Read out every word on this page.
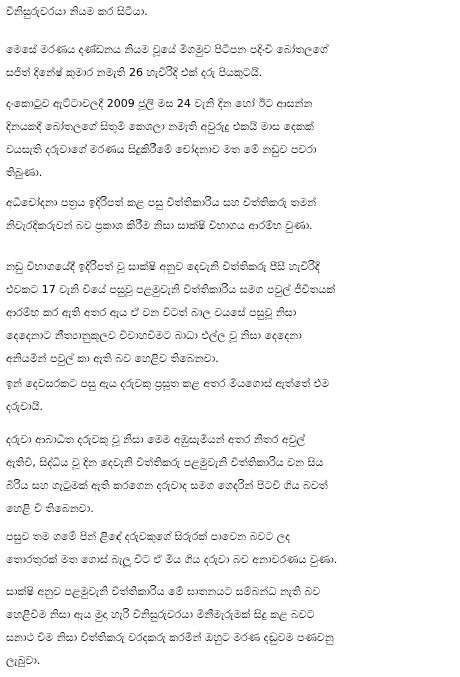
විනිසුරුවරයා නියම කර සිටියා.
මෙසේ මරණය දණ්ඩනය නියම වූයේ මීගමුව පිටිපන පදිංචි බෝතලගේ
සජිත් දිනේෂ් කුමාර නමැති 26 හැවිරිදි එක් දරු පියකුටයි.
දංකොටුව ඇට්ටාවලදී 2009 ජූලි මස 24 වැනි දින හෝ ඊට ආසන්න
දිනයකදී බෝතලගේ සිතුමි කෙශලා නමැති අවුරුදු එකයි මාස දෙකක්
වයසැති දරුවාගේ මරණය සිදුකිරීමේ චෝදනාව මත මේ නඩුව පවරා
තිබුණා.
අධිචෝදනා පත්‍රය ඉදිරිපත් කළ පසු විත්තිකාරිය සහ විත්තිකරු තමන්
නිවැරදිකරුවන් බව ප්‍රකාශ කිරීම නිසා සාක්ෂි විභාගය ආරම්භ වුණා.
නඩු විභාගයේදී ඉදිරිපත් වූ සාක්ෂි අනුව දෙවැනි විත්තිකරු පීසී හැවිරිදි
එවකට 17 වැනි වියේ පසුවූ පළමුවැනි විත්තිකාරිය සමග පවුල් ජීවිතයක්
ආරම්භ කර ඇති අතර ඇය ඒ වන විටත් බාල වයසේ පසුවූ නිසා
දෙදෙනාට නීත්‍යානුකූලව විවාහවීමට බාධා එල්ල වූ නිසා දෙදෙනා
අනියමින් පවුල් කා ඇති බව හෙළිව තිබෙනවා.
ඉන් දෙවසරකට පසු ඇය දරුවකු ප්‍රසූත කළ අතර මියගොස් ඇත්තේ එම
දරුවායි.
දරුවා ආබාධිත දරුවකු වූ නිසා මෙම අඹුසැමියන් අතර නිතර අවුල්
ඇතිවී, සිද්ධිය වූ දින දෙවැනි විත්තිකරු පළමුවැනි විත්තිකාරිය වන සිය
බිරිය සහ ගැටුමක් ඇති කරගෙන දරුවාද සමග ගෙදරින් පිටවී ගිය බවත්
හෙළි වී තිබෙනවා.
පසුව තම ගමේ පින් ළිඳේ දරුවකුගේ සිරුරක් පාවෙන බවට ලද
තොරතුරක් මත ගොස් බැලූ විට ඒ මිය ගිය දරුවා බව අනාවරණය වුණා.
සාක්ෂි අනුව පළමුවැනි විත්තිකාරිය මේ ඝාතනයට සම්බන්ධ නැති බව
හෙළිවීම නිසා ඇය මුදා හැරි විනිසුරුවරයා මිනීමැරුමක් සිදු කළ බවට
සනාථ වීම නිසා විත්තිකරු වරදකරු කරමින් ඔහුට මරණ දඬුවම පණවනු
ලැබුවා.
